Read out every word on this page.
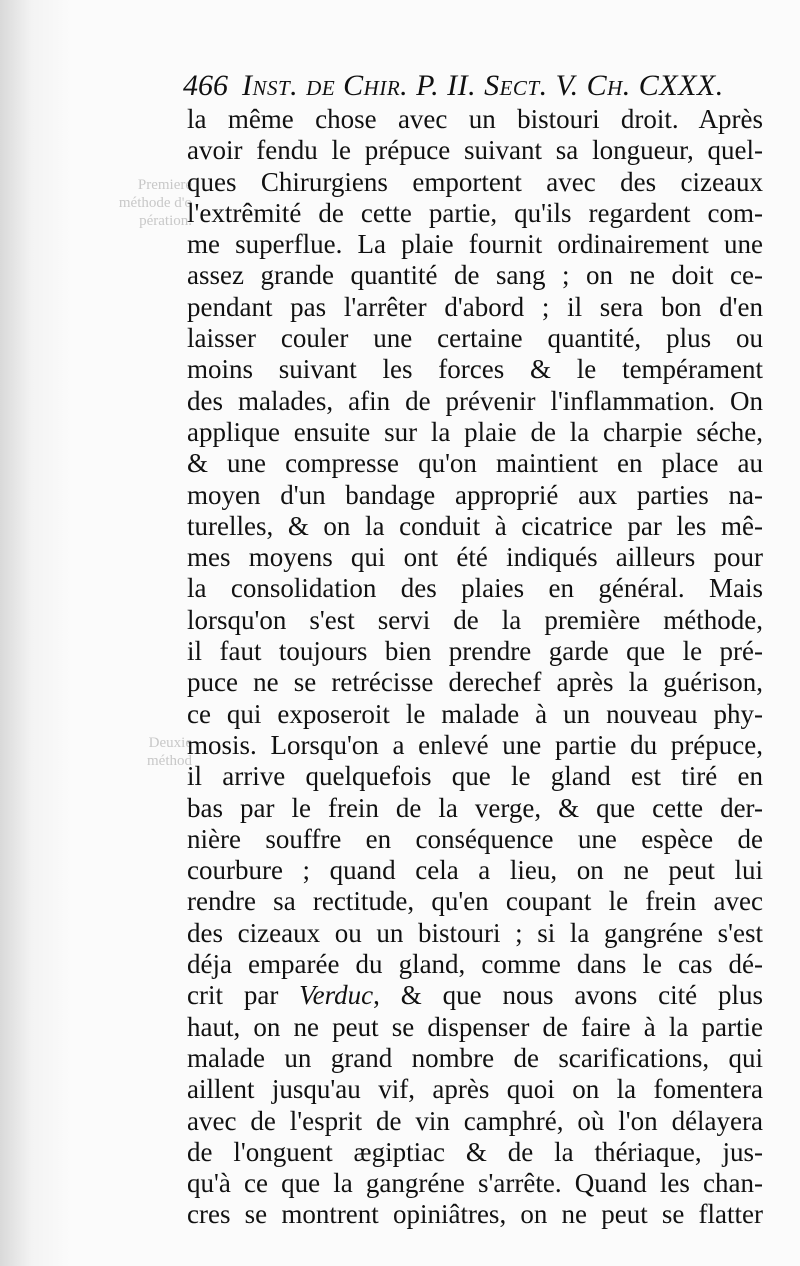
Premiere
méthode d'o
pération.
Deuxie
méthod
466 Inst. de Chir. P. II. Sect. V. Ch. CXXX.
la même chose avec un bistouri droit. Après
avoir fendu le prépuce suivant sa longueur, quel-
ques Chirurgiens emportent avec des cizeaux
l'extrêmité de cette partie, qu'ils regardent com-
me superflue. La plaie fournit ordinairement une
assez grande quantité de sang ; on ne doit ce-
pendant pas l'arrêter d'abord ; il sera bon d'en
laisser couler une certaine quantité, plus ou
moins suivant les forces & le tempérament
des malades, afin de prévenir l'inflammation. On
applique ensuite sur la plaie de la charpie séche,
& une compresse qu'on maintient en place au
moyen d'un bandage approprié aux parties na-
turelles, & on la conduit à cicatrice par les mê-
mes moyens qui ont été indiqués ailleurs pour
la consolidation des plaies en général. Mais
lorsqu'on s'est servi de la première méthode,
il faut toujours bien prendre garde que le pré-
puce ne se retrécisse derechef après la guérison,
ce qui exposeroit le malade à un nouveau phy-
mosis. Lorsqu'on a enlevé une partie du prépuce,
il arrive quelquefois que le gland est tiré en
bas par le frein de la verge, & que cette der-
nière souffre en conséquence une espèce de
courbure ; quand cela a lieu, on ne peut lui
rendre sa rectitude, qu'en coupant le frein avec
des cizeaux ou un bistouri ; si la gangréne s'est
déja emparée du gland, comme dans le cas dé-
crit par Verduc, & que nous avons cité plus
haut, on ne peut se dispenser de faire à la partie
malade un grand nombre de scarifications, qui
aillent jusqu'au vif, après quoi on la fomentera
avec de l'esprit de vin camphré, où l'on délayera
de l'onguent ægiptiac & de la thériaque, jus-
qu'à ce que la gangréne s'arrête. Quand les chan-
cres se montrent opiniâtres, on ne peut se flatter
